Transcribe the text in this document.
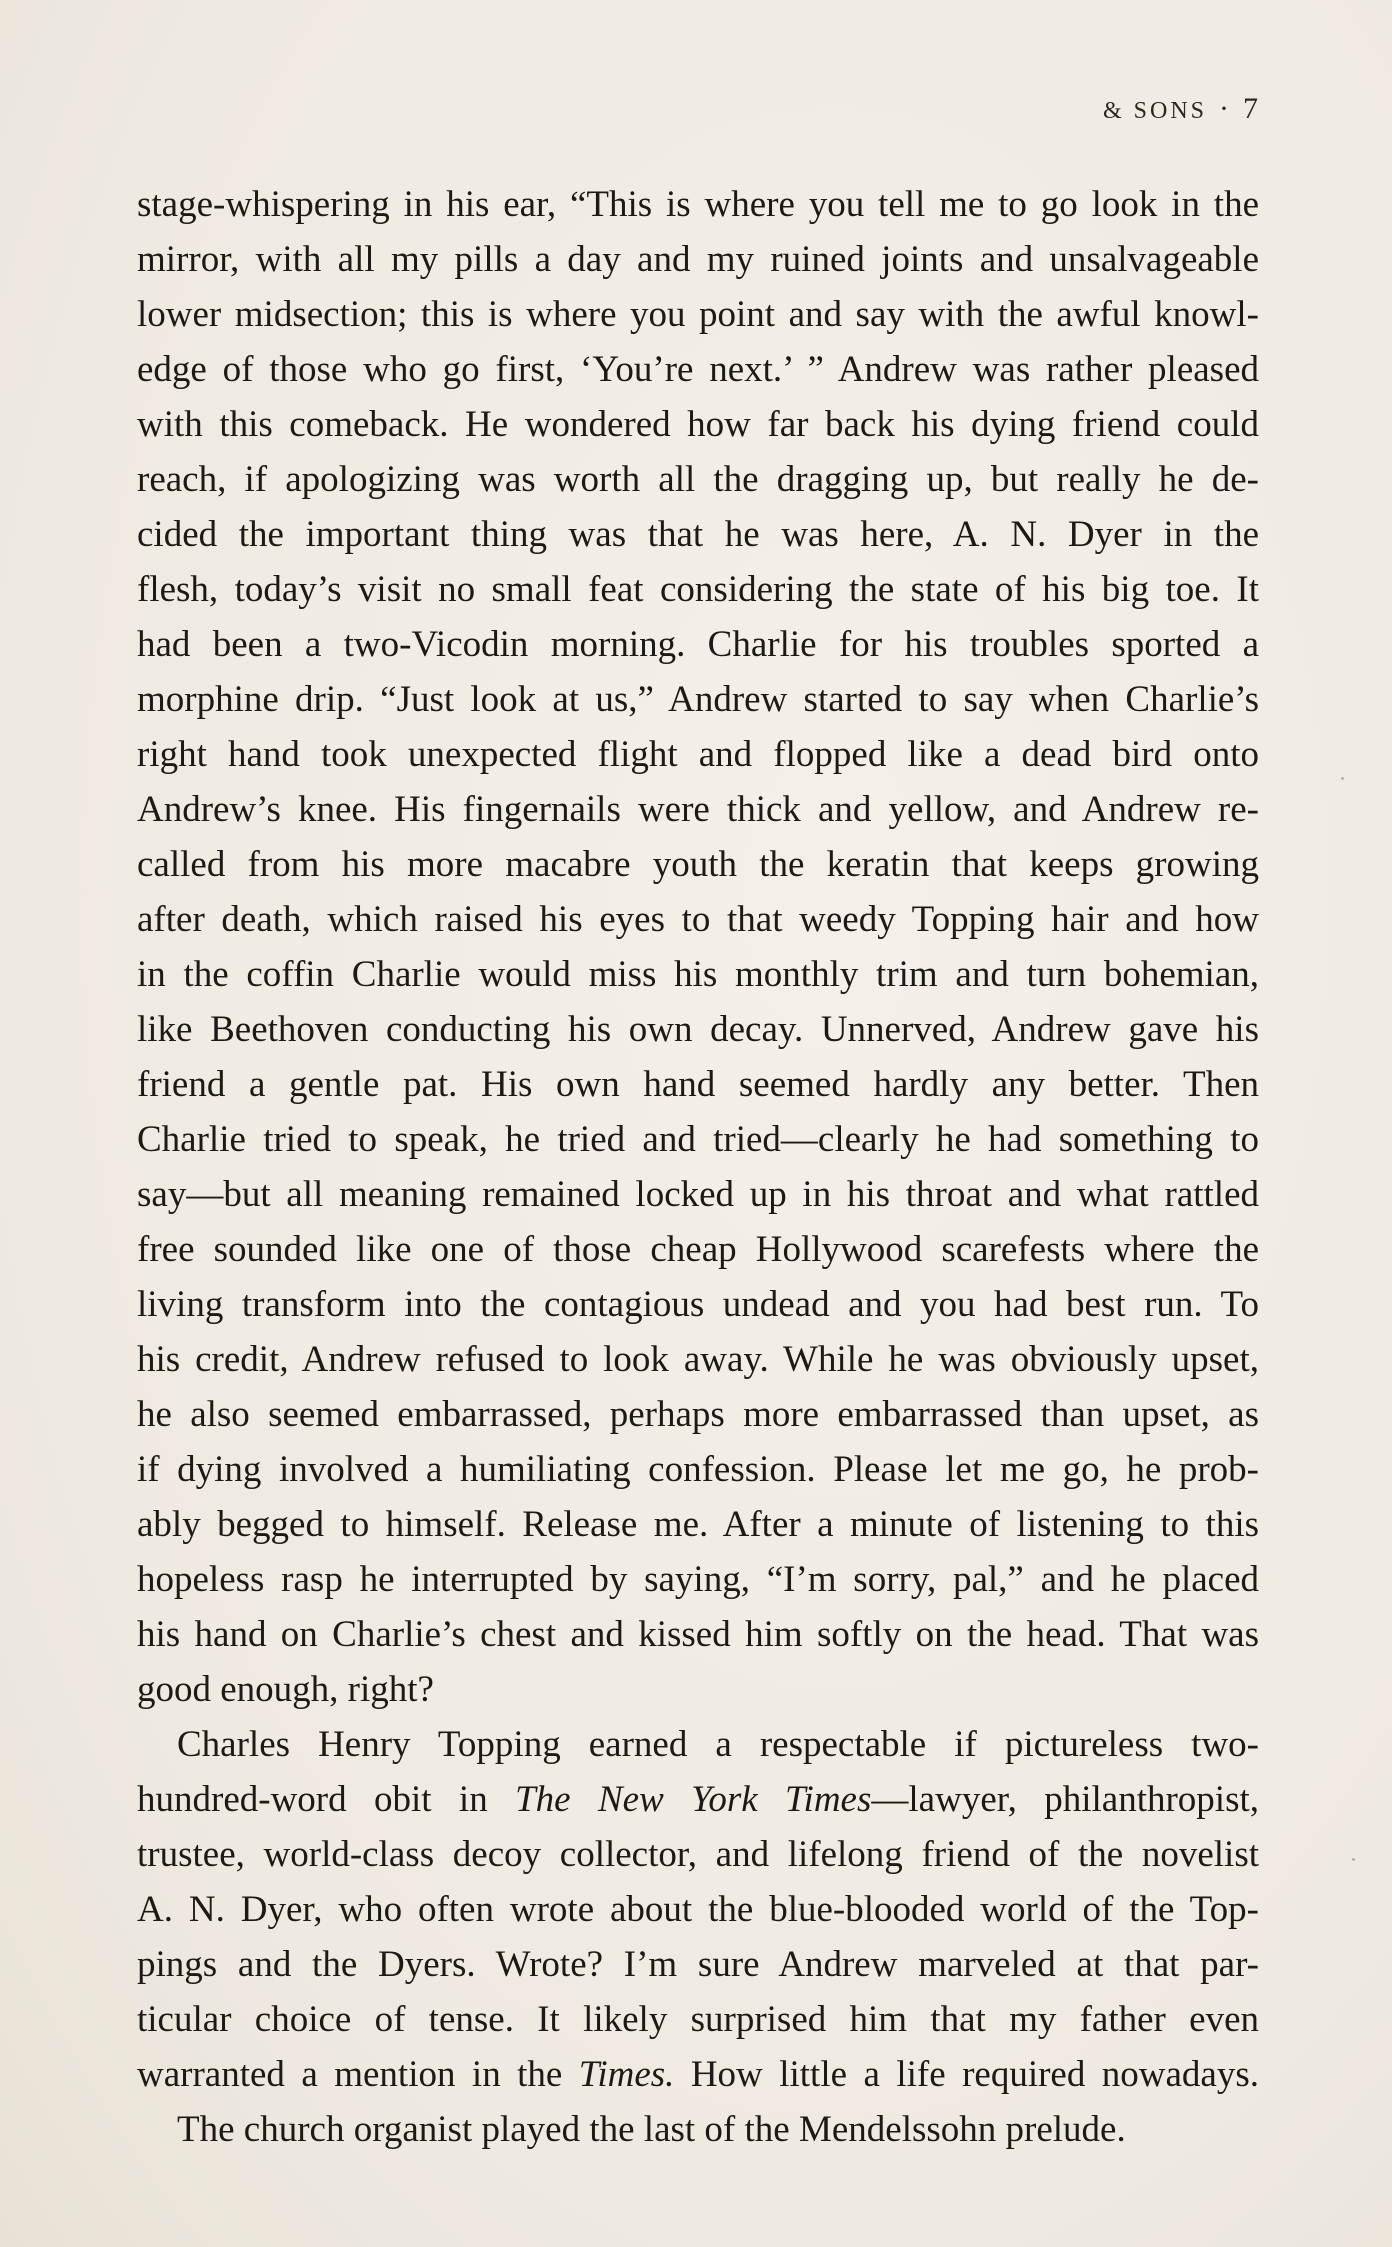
& SONS · 7
stage-whispering in his ear, “This is where you tell me to go look in the
mirror, with all my pills a day and my ruined joints and unsalvageable
lower midsection; this is where you point and say with the awful knowl-
edge of those who go first, ‘You’re next.’ ” Andrew was rather pleased
with this comeback. He wondered how far back his dying friend could
reach, if apologizing was worth all the dragging up, but really he de-
cided the important thing was that he was here, A. N. Dyer in the
flesh, today’s visit no small feat considering the state of his big toe. It
had been a two-Vicodin morning. Charlie for his troubles sported a
morphine drip. “Just look at us,” Andrew started to say when Charlie’s
right hand took unexpected flight and flopped like a dead bird onto
Andrew’s knee. His fingernails were thick and yellow, and Andrew re-
called from his more macabre youth the keratin that keeps growing
after death, which raised his eyes to that weedy Topping hair and how
in the coffin Charlie would miss his monthly trim and turn bohemian,
like Beethoven conducting his own decay. Unnerved, Andrew gave his
friend a gentle pat. His own hand seemed hardly any better. Then
Charlie tried to speak, he tried and tried—clearly he had something to
say—but all meaning remained locked up in his throat and what rattled
free sounded like one of those cheap Hollywood scarefests where the
living transform into the contagious undead and you had best run. To
his credit, Andrew refused to look away. While he was obviously upset,
he also seemed embarrassed, perhaps more embarrassed than upset, as
if dying involved a humiliating confession. Please let me go, he prob-
ably begged to himself. Release me. After a minute of listening to this
hopeless rasp he interrupted by saying, “I’m sorry, pal,” and he placed
his hand on Charlie’s chest and kissed him softly on the head. That was
good enough, right?
Charles Henry Topping earned a respectable if pictureless two-
hundred-word obit in The New York Times—lawyer, philanthropist,
trustee, world-class decoy collector, and lifelong friend of the novelist
A. N. Dyer, who often wrote about the blue-blooded world of the Top-
pings and the Dyers. Wrote? I’m sure Andrew marveled at that par-
ticular choice of tense. It likely surprised him that my father even
warranted a mention in the Times. How little a life required nowadays.
The church organist played the last of the Mendelssohn prelude.
